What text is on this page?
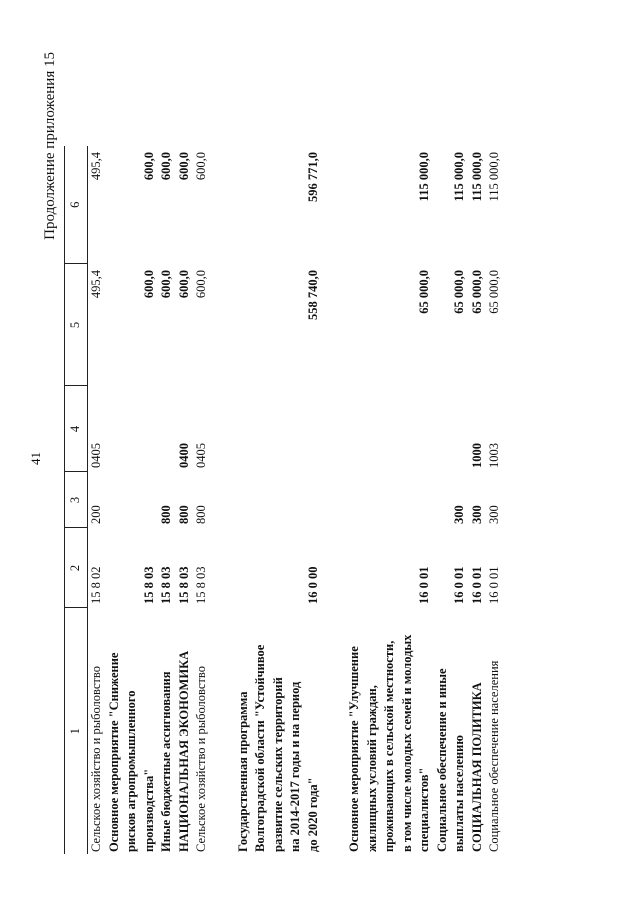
41
Продолжение приложения 15
1	2	3	4	5	6

Сельское хозяйство и рыболовство	15 8 02	200	0405	495,4	495,4

Основное мероприятие "Снижение рисков агропромышленного производства"	15 8 03			600,0	600,0

Иные бюджетные ассигнования	15 8 03	800		600,0	600,0

НАЦИОНАЛЬНАЯ ЭКОНОМИКА	15 8 03	800	0400	600,0	600,0

Сельское хозяйство и рыболовство	15 8 03	800	0405	600,0	600,0

Государственная программа Волгоградской области "Устойчивое развитие сельских территорий на 2014-2017 годы и на период до 2020 года"	16 0 00			558 740,0	596 771,0

Основное мероприятие "Улучшение жилищных условий граждан, проживающих в сельской местности, в том числе молодых семей и молодых специалистов"	16 0 01			65 000,0	115 000,0

Социальное обеспечение и иные выплаты населению	16 0 01	300		65 000,0	115 000,0

СОЦИАЛЬНАЯ ПОЛИТИКА	16 0 01	300	1000	65 000,0	115 000,0

Социальное обеспечение населения	16 0 01	300	1003	65 000,0	115 000,0
